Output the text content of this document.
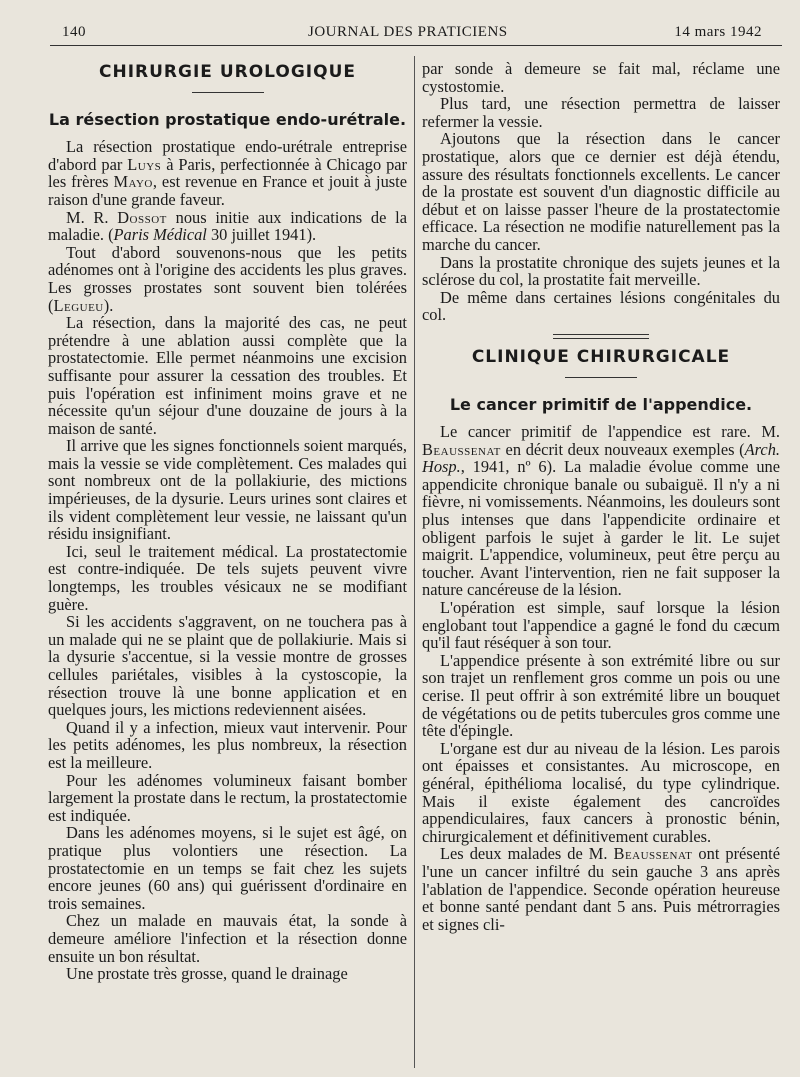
140	JOURNAL DES PRATICIENS	14 mars 1942
CHIRURGIE UROLOGIQUE
La résection prostatique endo-urétrale.

La résection prostatique endo-urétrale entreprise d'abord par Luys à Paris, perfectionnée à Chicago par les frères Mayo, est revenue en France et jouit à juste raison d'une grande faveur.

M. R. Dossot nous initie aux indications de la maladie. (Paris Médical 30 juillet 1941).

Tout d'abord souvenons-nous que les petits adénomes ont à l'origine des accidents les plus graves. Les grosses prostates sont souvent bien tolérées (Legueu).

La résection, dans la majorité des cas, ne peut prétendre à une ablation aussi complète que la prostatectomie. Elle permet néanmoins une excision suffisante pour assurer la cessation des troubles. Et puis l'opération est infiniment moins grave et ne nécessite qu'un séjour d'une douzaine de jours à la maison de santé.

Il arrive que les signes fonctionnels soient marqués, mais la vessie se vide complètement. Ces malades qui sont nombreux ont de la pollakiurie, des mictions impérieuses, de la dysurie. Leurs urines sont claires et ils vident complètement leur vessie, ne laissant qu'un résidu insignifiant.

Ici, seul le traitement médical. La prostatectomie est contre-indiquée. De tels sujets peuvent vivre longtemps, les troubles vésicaux ne se modifiant guère.

Si les accidents s'aggravent, on ne touchera pas à un malade qui ne se plaint que de pollakiurie. Mais si la dysurie s'accentue, si la vessie montre de grosses cellules pariétales, visibles à la cystoscopie, la résection trouve là une bonne application et en quelques jours, les mictions redeviennent aisées.

Quand il y a infection, mieux vaut intervenir. Pour les petits adénomes, les plus nombreux, la résection est la meilleure.

Pour les adénomes volumineux faisant bomber largement la prostate dans le rectum, la prostatectomie est indiquée.

Dans les adénomes moyens, si le sujet est âgé, on pratique plus volontiers une résection. La prostatectomie en un temps se fait chez les sujets encore jeunes (60 ans) qui guérissent d'ordinaire en trois semaines.

Chez un malade en mauvais état, la sonde à demeure améliore l'infection et la résection donne ensuite un bon résultat.

Une prostate très grosse, quand le drainage

par sonde à demeure se fait mal, réclame une cystostomie.

Plus tard, une résection permettra de laisser refermer la vessie.

Ajoutons que la résection dans le cancer prostatique, alors que ce dernier est déjà étendu, assure des résultats fonctionnels excellents. Le cancer de la prostate est souvent d'un diagnostic difficile au début et on laisse passer l'heure de la prostatectomie efficace. La résection ne modifie naturellement pas la marche du cancer.

Dans la prostatite chronique des sujets jeunes et la sclérose du col, la prostatite fait merveille.

De même dans certaines lésions congénitales du col.

CLINIQUE CHIRURGICALE
Le cancer primitif de l'appendice.

Le cancer primitif de l'appendice est rare. M. Beaussenat en décrit deux nouveaux exemples (Arch. Hosp., 1941, nº 6). La maladie évolue comme une appendicite chronique banale ou subaiguë. Il n'y a ni fièvre, ni vomissements. Néanmoins, les douleurs sont plus intenses que dans l'appendicite ordinaire et obligent parfois le sujet à garder le lit. Le sujet maigrit. L'appendice, volumineux, peut être perçu au toucher. Avant l'intervention, rien ne fait supposer la nature cancéreuse de la lésion.

L'opération est simple, sauf lorsque la lésion englobant tout l'appendice a gagné le fond du cæcum qu'il faut réséquer à son tour.

L'appendice présente à son extrémité libre ou sur son trajet un renflement gros comme un pois ou une cerise. Il peut offrir à son extrémité libre un bouquet de végétations ou de petits tubercules gros comme une tête d'épingle.

L'organe est dur au niveau de la lésion. Les parois ont épaisses et consistantes. Au microscope, en général, épithélioma localisé, du type cylindrique. Mais il existe également des cancroïdes appendiculaires, faux cancers à pronostic bénin, chirurgicalement et définitivement curables.

Les deux malades de M. Beaussenat ont présenté l'une un cancer infiltré du sein gauche 3 ans après l'ablation de l'appendice. Seconde opération heureuse et bonne santé pendant dant 5 ans. Puis métrorragies et signes cli-
